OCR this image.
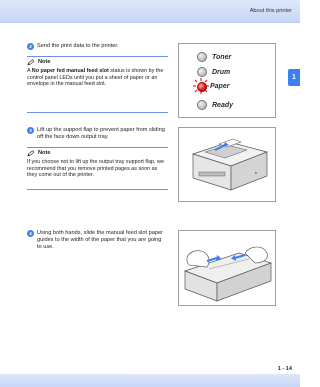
About this printer
1
2 Send the print data to the printer.
Note
A No paper fed manual feed slot status is shown by the control panel LEDs until you put a sheet of paper or an envelope in the manual feed slot.
Toner
Drum
Paper
Ready
3 Lift up the support flap to prevent paper from sliding off the face down output tray.
Note
If you choose not to lift up the output tray support flap, we recommend that you remove printed pages as soon as they come out of the printer.	B
4 Using both hands, slide the manual feed slot paper guides to the width of the paper that you are going to use.
1 - 14
